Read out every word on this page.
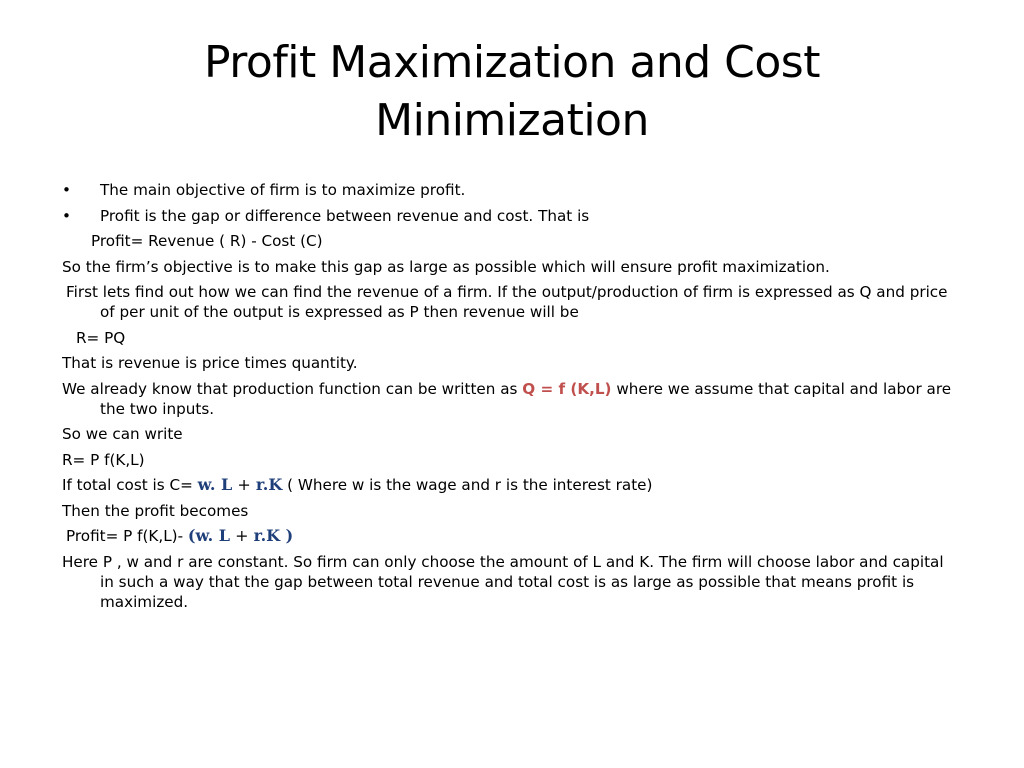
Profit Maximization and Cost
Minimization

• The main objective of firm is to maximize profit.

• Profit is the gap or difference between revenue and cost. That is

Profit= Revenue ( R) - Cost (C)

So the firm’s objective is to make this gap as large as possible which will ensure profit maximization.

First lets find out how we can find the revenue of a firm. If the output/production of firm is expressed as Q and price of per unit of the output is expressed as P then revenue will be

R= PQ

That is revenue is price times quantity.

We already know that production function can be written as Q = f (K,L) where we assume that capital and labor are the two inputs.

So we can write

R= P f(K,L)

If total cost is C= w. L + r.K ( Where w is the wage and r is the interest rate)

Then the profit becomes

Profit= P f(K,L)- (w. L + r.K )

Here P , w and r are constant. So firm can only choose the amount of L and K. The firm will choose labor and capital in such a way that the gap between total revenue and total cost is as large as possible that means profit is maximized.
